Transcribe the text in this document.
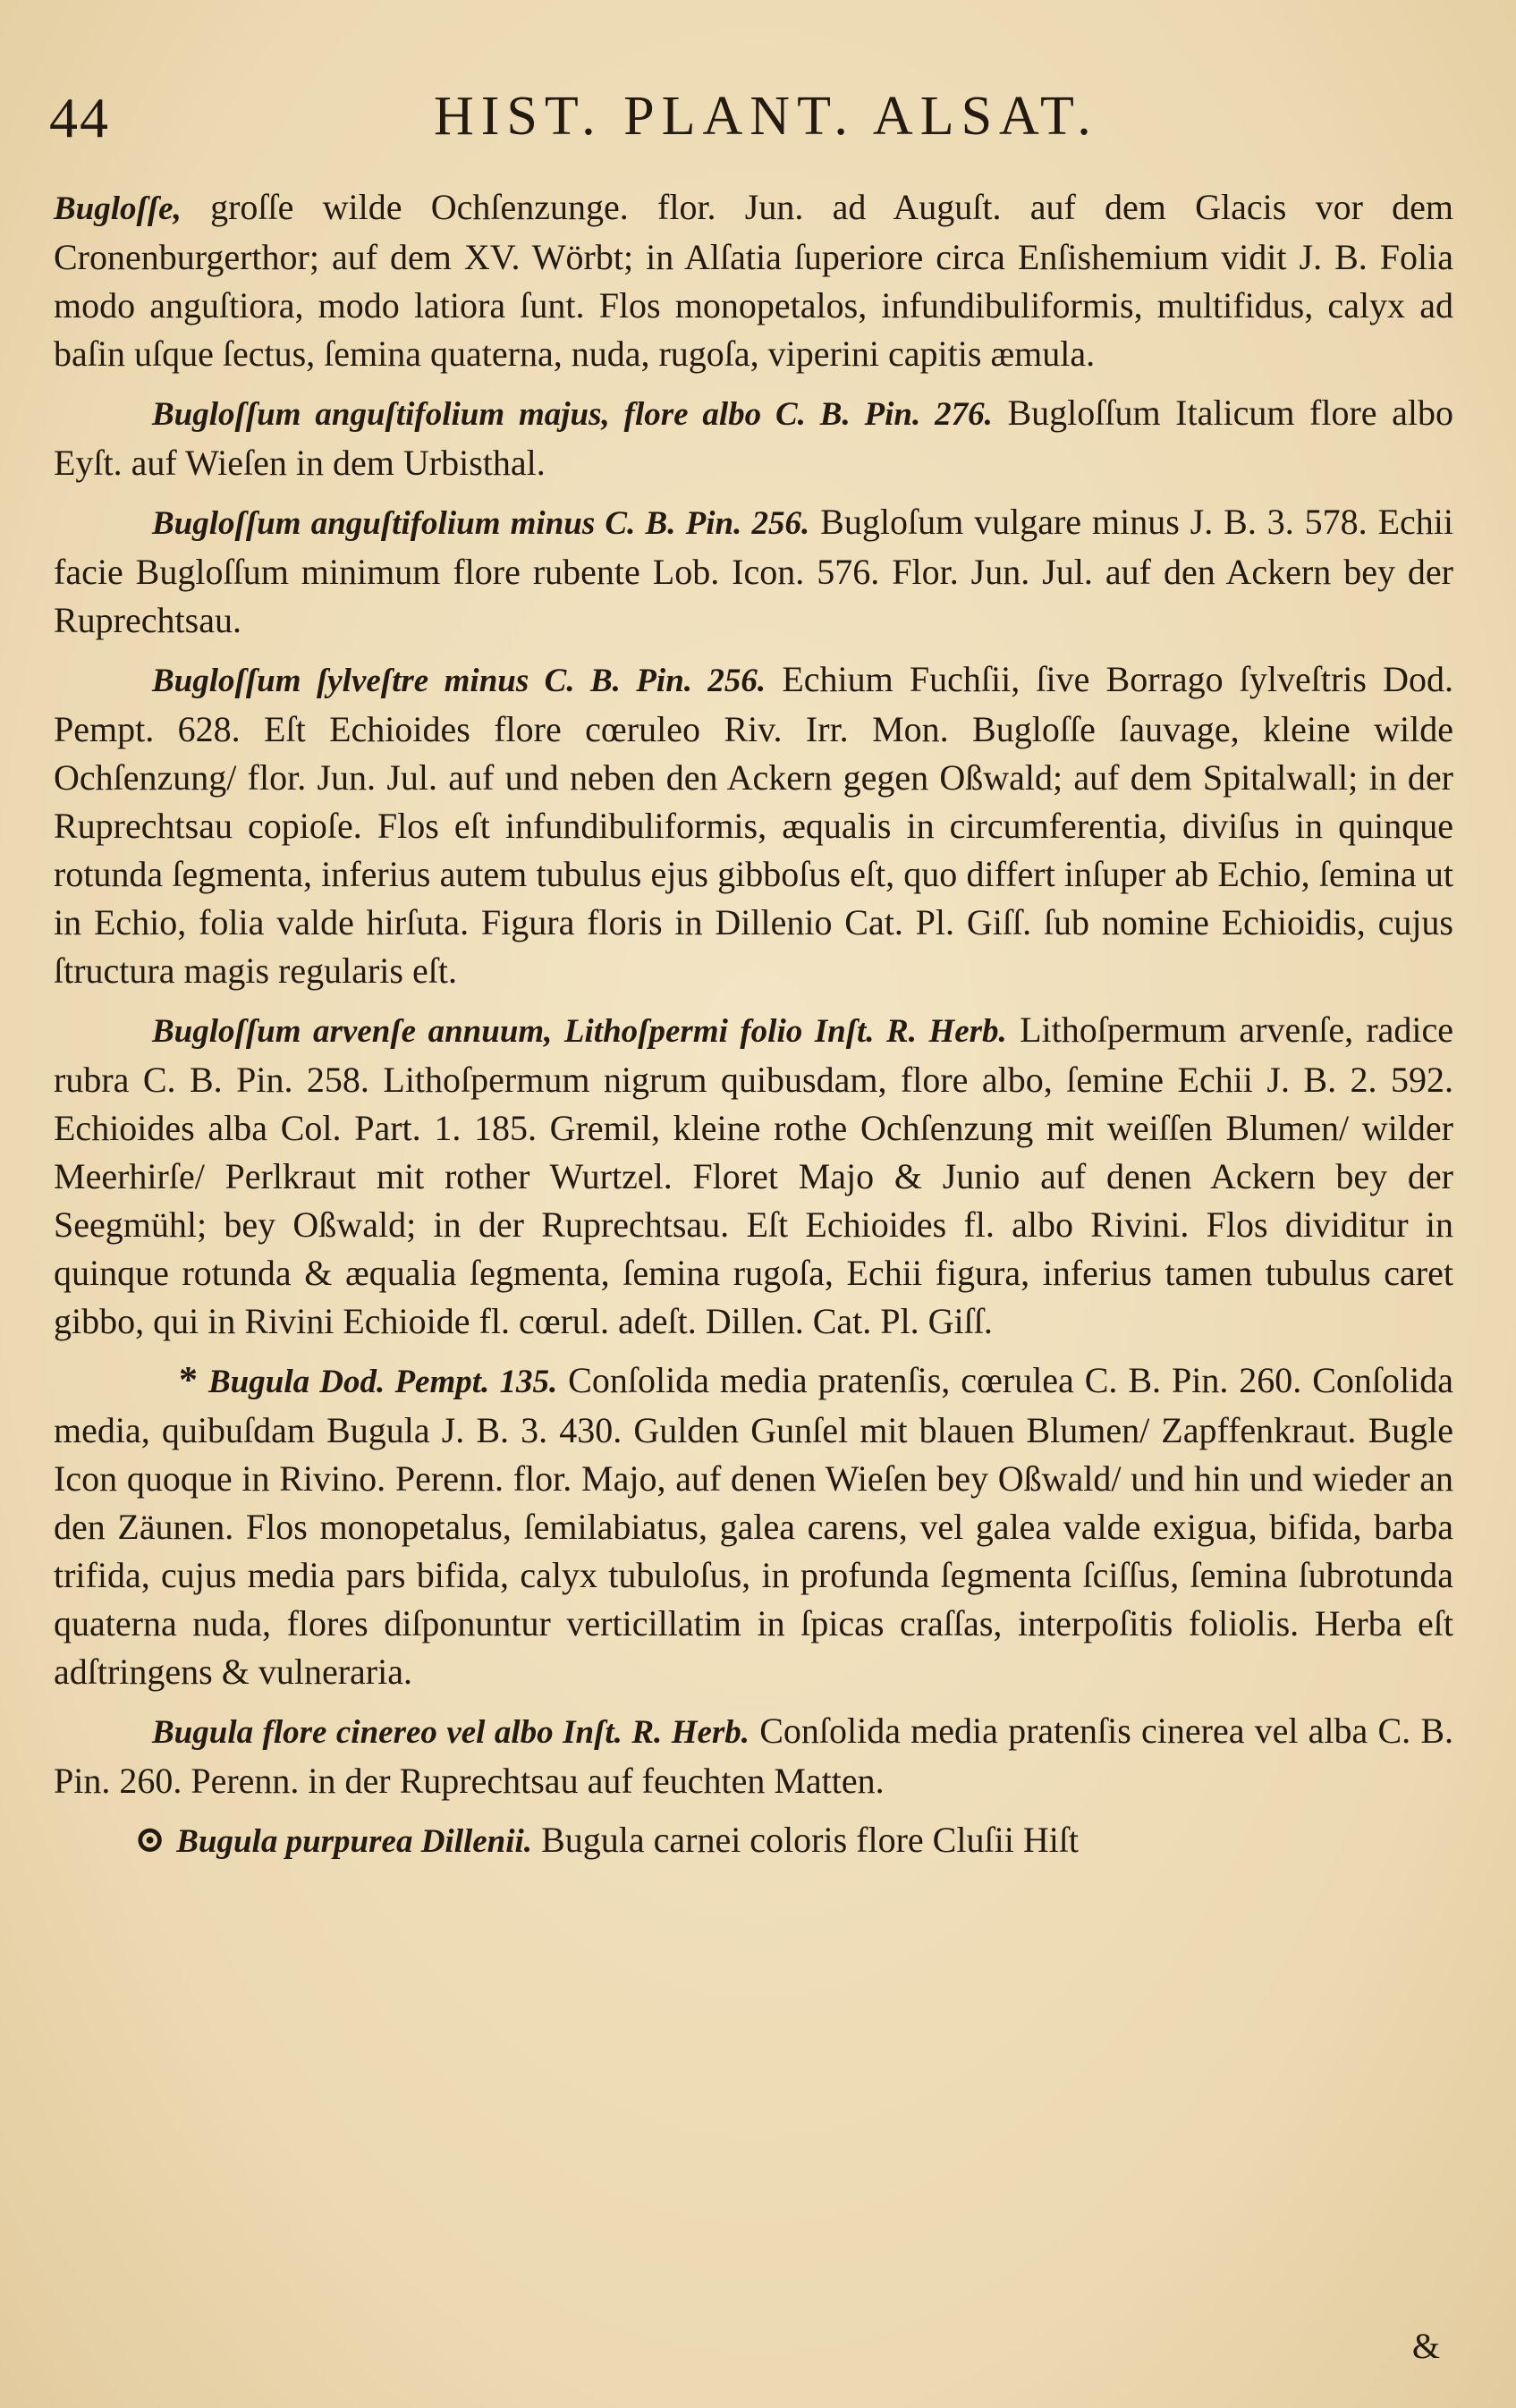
44	HIST. PLANT. ALSAT.

Bugloſſe, groſſe wilde Ochſenzunge. flor. Jun. ad Auguſt. auf dem Glacis vor dem Cronenburgerthor; auf dem XV. Wörbt; in Alſatia ſuperiore circa Enſishemium vidit J. B. Folia modo anguſtiora, modo latiora ſunt. Flos monopetalos, infundibuliformis, multifidus, calyx ad baſin uſque ſectus, ſemina quaterna, nuda, rugoſa, viperini capitis æmula.

Bugloſſum anguſtifolium majus, flore albo C. B. Pin. 276. Bugloſſum Italicum flore albo Eyſt. auf Wieſen in dem Urbisthal.

Bugloſſum anguſtifolium minus C. B. Pin. 256. Bugloſum vulgare minus J. B. 3. 578. Echii facie Bugloſſum minimum flore rubente Lob. Icon. 576. Flor. Jun. Jul. auf den Ackern bey der Ruprechtsau.

Bugloſſum ſylveſtre minus C. B. Pin. 256. Echium Fuchſii, ſive Borrago ſylveſtris Dod. Pempt. 628. Eſt Echioides flore cœruleo Riv. Irr. Mon. Bugloſſe ſauvage, kleine wilde Ochſenzung/ flor. Jun. Jul. auf und neben den Ackern gegen Oßwald; auf dem Spitalwall; in der Ruprechtsau copioſe. Flos eſt infundibuliformis, æqualis in circumferentia, diviſus in quinque rotunda ſegmenta, inferius autem tubulus ejus gibboſus eſt, quo differt inſuper ab Echio, ſemina ut in Echio, folia valde hirſuta. Figura floris in Dillenio Cat. Pl. Giſſ. ſub nomine Echioidis, cujus ſtructura magis regularis eſt.

Bugloſſum arvenſe annuum, Lithoſpermi folio Inſt. R. Herb. Lithoſpermum arvenſe, radice rubra C. B. Pin. 258. Lithoſpermum nigrum quibusdam, flore albo, ſemine Echii J. B. 2. 592. Echioides alba Col. Part. 1. 185. Gremil, kleine rothe Ochſenzung mit weiſſen Blumen/ wilder Meerhirſe/ Perlkraut mit rother Wurtzel. Floret Majo & Junio auf denen Ackern bey der Seegmühl; bey Oßwald; in der Ruprechtsau. Eſt Echioides fl. albo Rivini. Flos dividitur in quinque rotunda & æqualia ſegmenta, ſemina rugoſa, Echii figura, inferius tamen tubulus caret gibbo, qui in Rivini Echioide fl. cœrul. adeſt. Dillen. Cat. Pl. Giſſ.

* Bugula Dod. Pempt. 135. Conſolida media pratenſis, cœrulea C. B. Pin. 260. Conſolida media, quibuſdam Bugula J. B. 3. 430. Gulden Gunſel mit blauen Blumen/ Zapffenkraut. Bugle Icon quoque in Rivino. Perenn. flor. Majo, auf denen Wieſen bey Oßwald/ und hin und wieder an den Zäunen. Flos monopetalus, ſemilabiatus, galea carens, vel galea valde exigua, bifida, barba trifida, cujus media pars bifida, calyx tubuloſus, in profunda ſegmenta ſciſſus, ſemina ſubrotunda quaterna nuda, flores diſponuntur verticillatim in ſpicas craſſas, interpoſitis foliolis. Herba eſt adſtringens & vulneraria.

Bugula flore cinereo vel albo Inſt. R. Herb. Conſolida media pratenſis cinerea vel alba C. B. Pin. 260. Perenn. in der Ruprechtsau auf feuchten Matten.

⊙ Bugula purpurea Dillenii. Bugula carnei coloris flore Cluſii Hiſt

&
